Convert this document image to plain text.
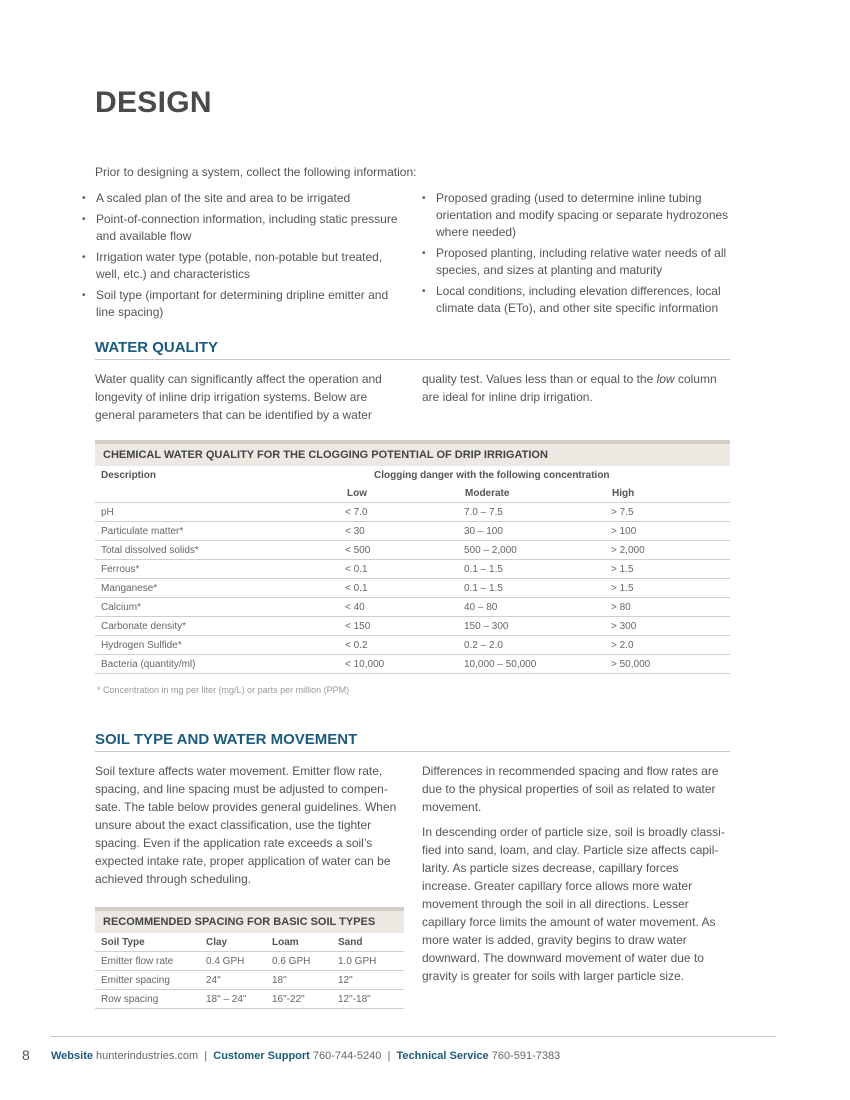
DESIGN
Prior to designing a system, collect the following information:
• A scaled plan of the site and area to be irrigated
• Point-of-connection information, including static pressure and available flow
• Irrigation water type (potable, non-potable but treated, well, etc.) and characteristics
• Soil type (important for determining dripline emitter and line spacing)
• Proposed grading (used to determine inline tubing orientation and modify spacing or separate hydrozones where needed)
• Proposed planting, including relative water needs of all species, and sizes at planting and maturity
• Local conditions, including elevation differences, local climate data (ETo), and other site specific information
WATER QUALITY

Water quality can significantly affect the operation and longevity of inline drip irrigation systems. Below are general parameters that can be identified by a water

quality test. Values less than or equal to the low column are ideal for inline drip irrigation.

CHEMICAL WATER QUALITY FOR THE CLOGGING POTENTIAL OF DRIP IRRIGATION
Description	Clogging danger with the following concentration		
	Low	Moderate	High
pH	< 7.0	7.0 – 7.5	> 7.5
Particulate matter*	< 30	30 – 100	> 100
Total dissolved solids*	< 500	500 – 2,000	> 2,000
Ferrous*	< 0.1	0.1 – 1.5	> 1.5
Manganese*	< 0.1	0.1 – 1.5	> 1.5
Calcium*	< 40	40 – 80	> 80
Carbonate density*	< 150	150 – 300	> 300
Hydrogen Sulfide*	< 0.2	0.2 – 2.0	> 2.0
Bacteria (quantity/ml)	< 10,000	10,000 – 50,000	> 50,000
* Concentration in mg per liter (mg/L) or parts per million (PPM)
SOIL TYPE AND WATER MOVEMENT

Soil texture affects water movement. Emitter flow rate, spacing, and line spacing must be adjusted to compen-sate. The table below provides general guidelines. When unsure about the exact classification, use the tighter spacing. Even if the application rate exceeds a soil’s expected intake rate, proper application of water can be achieved through scheduling.

Differences in recommended spacing and flow rates are due to the physical properties of soil as related to water movement.

In descending order of particle size, soil is broadly classi-fied into sand, loam, and clay. Particle size affects capil-larity. As particle sizes decrease, capillary forces increase. Greater capillary force allows more water movement through the soil in all directions. Lesser capillary force limits the amount of water movement. As more water is added, gravity begins to draw water downward. The downward movement of water due to gravity is greater for soils with larger particle size.

RECOMMENDED SPACING FOR BASIC SOIL TYPES
Soil Type	Clay	Loam	Sand
Emitter flow rate	0.4 GPH	0.6 GPH	1.0 GPH
Emitter spacing	24"	18"	12"
Row spacing	18" – 24"	16"-22"	12"-18"
8 Website hunterindustries.com | Customer Support 760-744-5240 | Technical Service 760-591-7383
